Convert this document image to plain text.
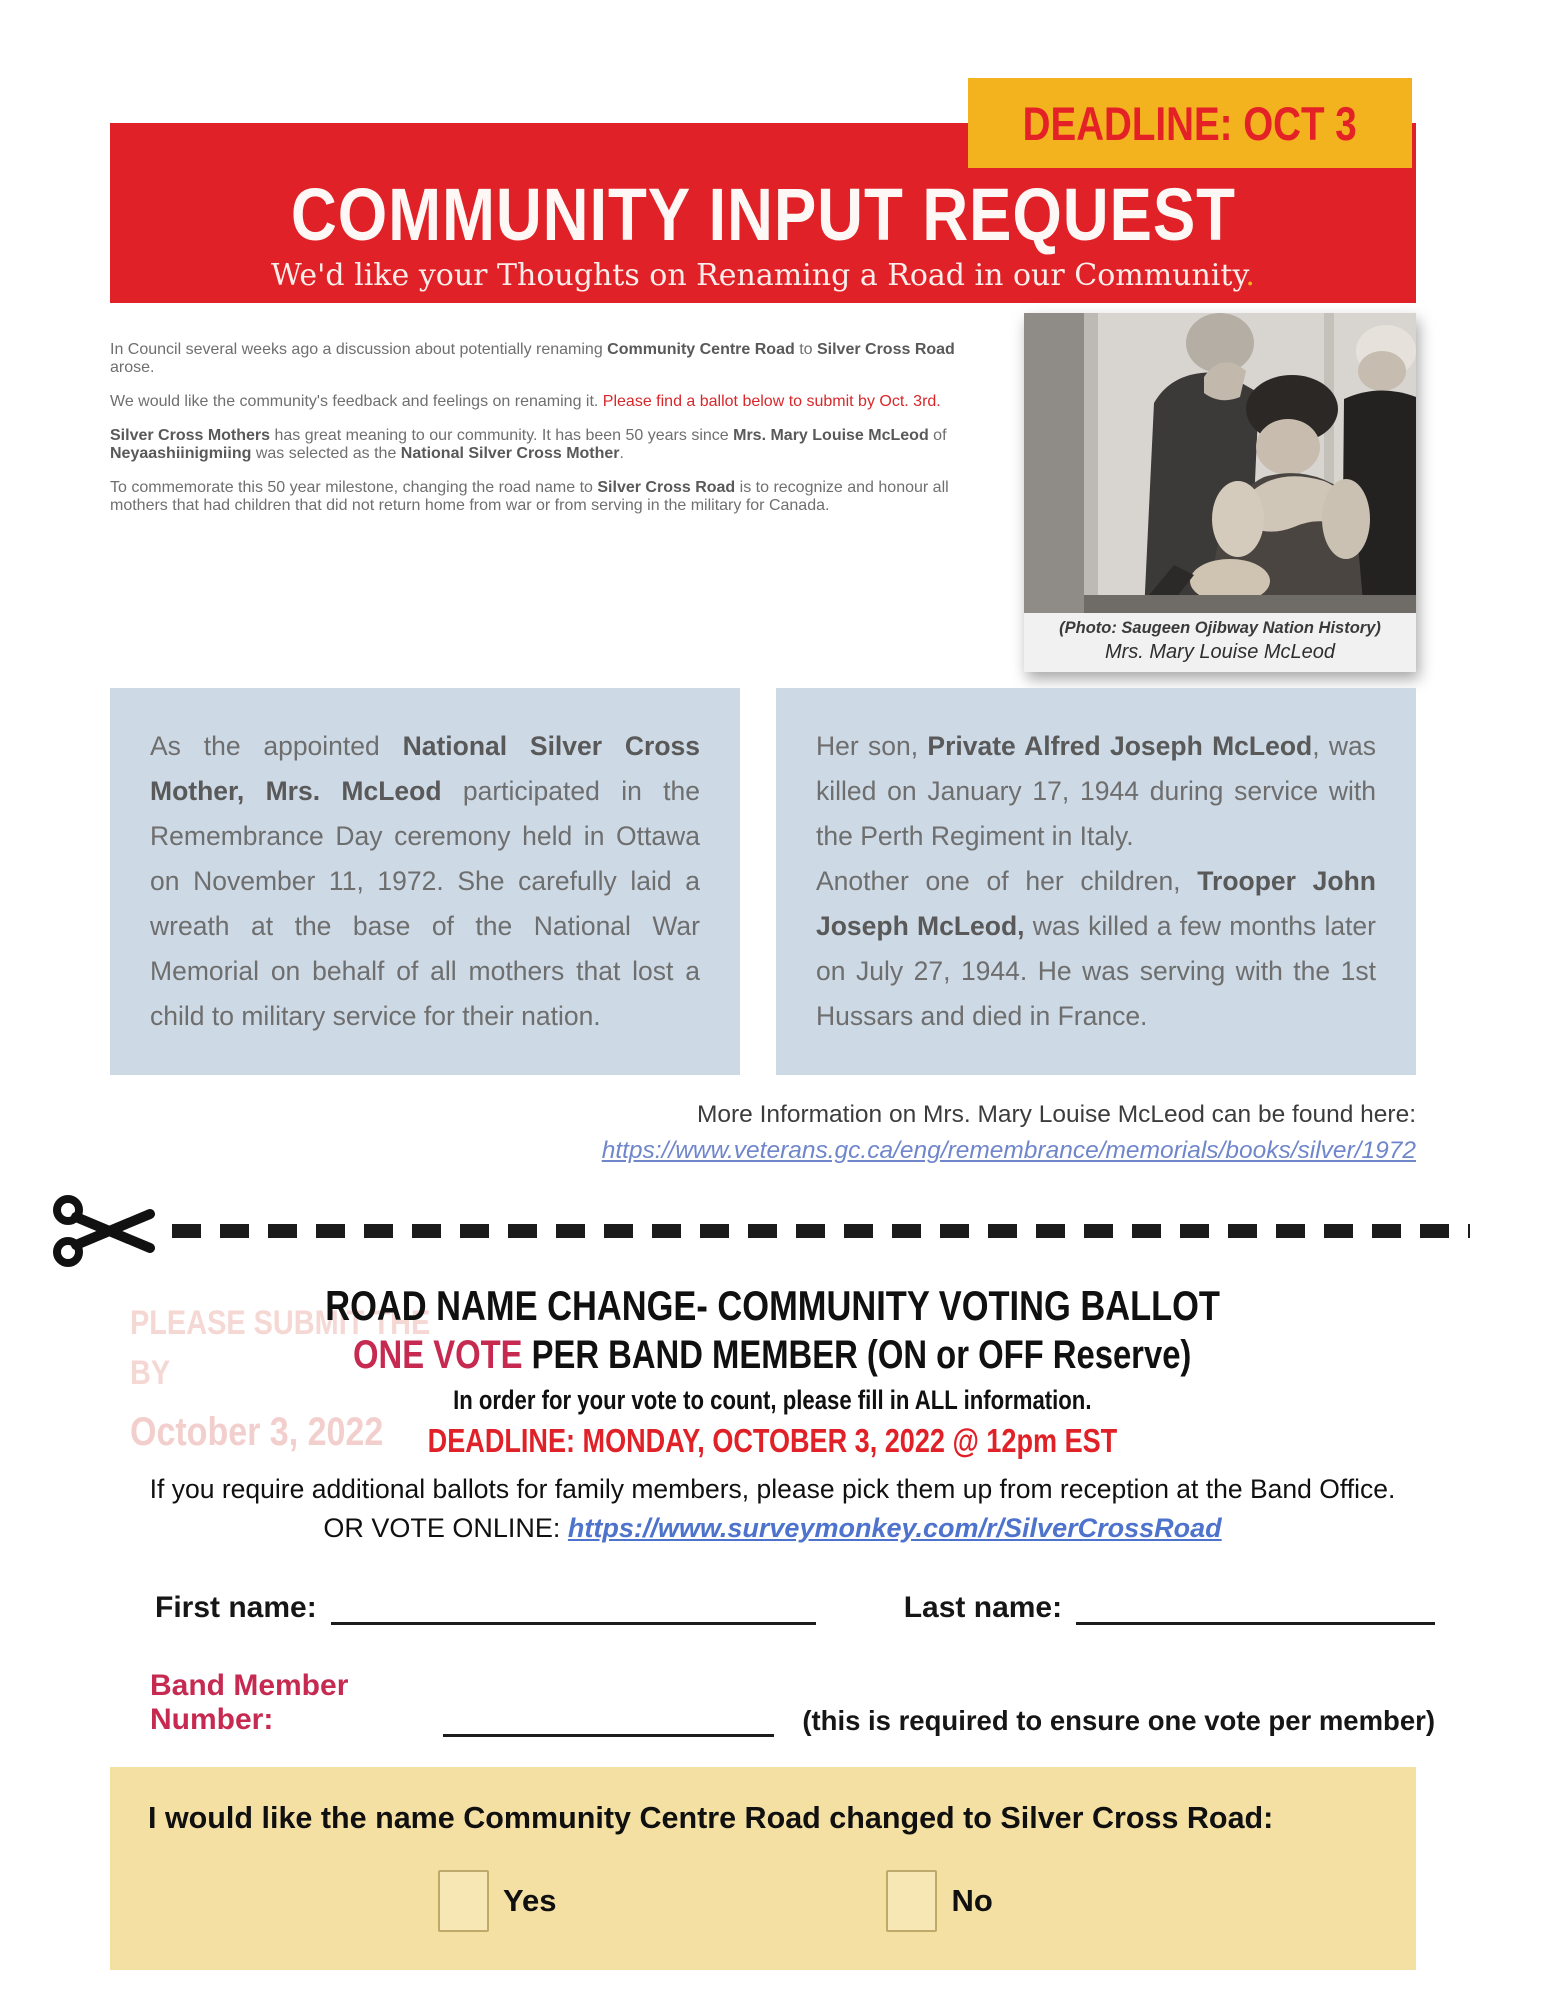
DEADLINE: OCT 3
COMMUNITY INPUT REQUEST
We'd like your Thoughts on Renaming a Road in our Community.
(Photo: Saugeen Ojibway Nation History)
Mrs. Mary Louise McLeod

In Council several weeks ago a discussion about potentially renaming Community Centre Road to Silver Cross Road arose.

We would like the community's feedback and feelings on renaming it. Please find a ballot below to submit by Oct. 3rd.

Silver Cross Mothers has great meaning to our community. It has been 50 years since Mrs. Mary Louise McLeod of Neyaashiinigmiing was selected as the National Silver Cross Mother.

To commemorate this 50 year milestone, changing the road name to Silver Cross Road is to recognize and honour all mothers that had children that did not return home from war or from serving in the military for Canada.

As the appointed National Silver Cross Mother, Mrs. McLeod participated in the Remembrance Day ceremony held in Ottawa on November 11, 1972. She carefully laid a wreath at the base of the National War Memorial on behalf of all mothers that lost a child to military service for their nation.

Her son, Private Alfred Joseph McLeod, was killed on January 17, 1944 during service with the Perth Regiment in Italy.

Another one of her children, Trooper John Joseph McLeod, was killed a few months later on July 27, 1944. He was serving with the 1st Hussars and died in France.

More Information on Mrs. Mary Louise McLeod can be found here:
https://www.veterans.gc.ca/eng/remembrance/memorials/books/silver/1972
PLEASE SUBMIT THE
BY
October 3, 2022
ROAD NAME CHANGE- COMMUNITY VOTING BALLOT
ONE VOTE PER BAND MEMBER (ON or OFF Reserve)
In order for your vote to count, please fill in ALL information.
DEADLINE: MONDAY, OCTOBER 3, 2022 @ 12pm EST
If you require additional ballots for family members, please pick them up from reception at the Band Office.
OR VOTE ONLINE: https://www.surveymonkey.com/r/SilverCrossRoad
First name:	Last name:
Band Member Number:	(this is required to ensure one vote per member)
I would like the name Community Centre Road changed to Silver Cross Road:
Yes	No
